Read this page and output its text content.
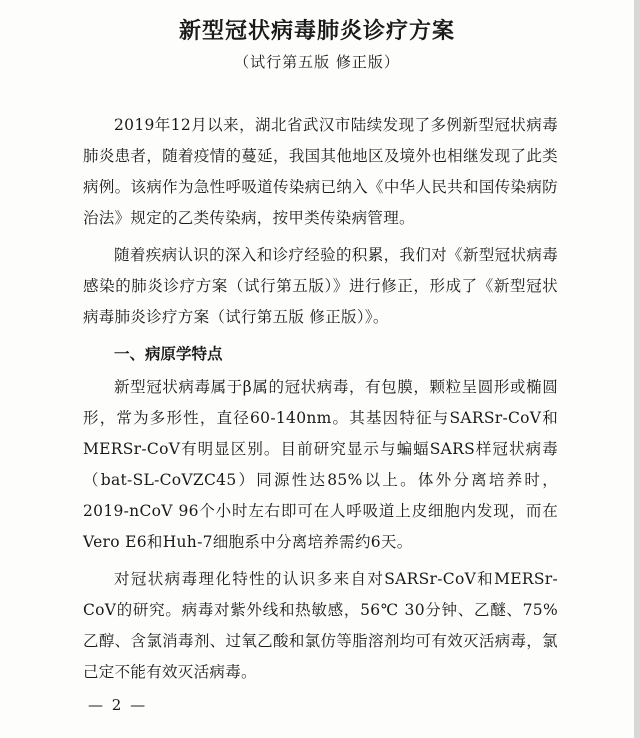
新型冠状病毒肺炎诊疗方案
（试行第五版 修正版）

2019年12月以来，湖北省武汉市陆续发现了多例新型冠状病毒肺炎患者，随着疫情的蔓延，我国其他地区及境外也相继发现了此类病例。该病作为急性呼吸道传染病已纳入《中华人民共和国传染病防治法》规定的乙类传染病，按甲类传染病管理。

随着疾病认识的深入和诊疗经验的积累，我们对《新型冠状病毒感染的肺炎诊疗方案（试行第五版）》进行修正，形成了《新型冠状病毒肺炎诊疗方案（试行第五版 修正版）》。

一、病原学特点

新型冠状病毒属于β属的冠状病毒，有包膜，颗粒呈圆形或椭圆形，常为多形性，直径60-140nm。其基因特征与SARSr-CoV和MERSr-CoV有明显区别。目前研究显示与蝙蝠SARS样冠状病毒（bat-SL-CoVZC45）同源性达85%以上。体外分离培养时，2019-nCoV 96个小时左右即可在人呼吸道上皮细胞内发现，而在Vero E6和Huh-7细胞系中分离培养需约6天。

对冠状病毒理化特性的认识多来自对SARSr-CoV和MERSr-CoV的研究。病毒对紫外线和热敏感，56℃ 30分钟、乙醚、75%乙醇、含氯消毒剂、过氧乙酸和氯仿等脂溶剂均可有效灭活病毒，氯己定不能有效灭活病毒。

— 2 —
